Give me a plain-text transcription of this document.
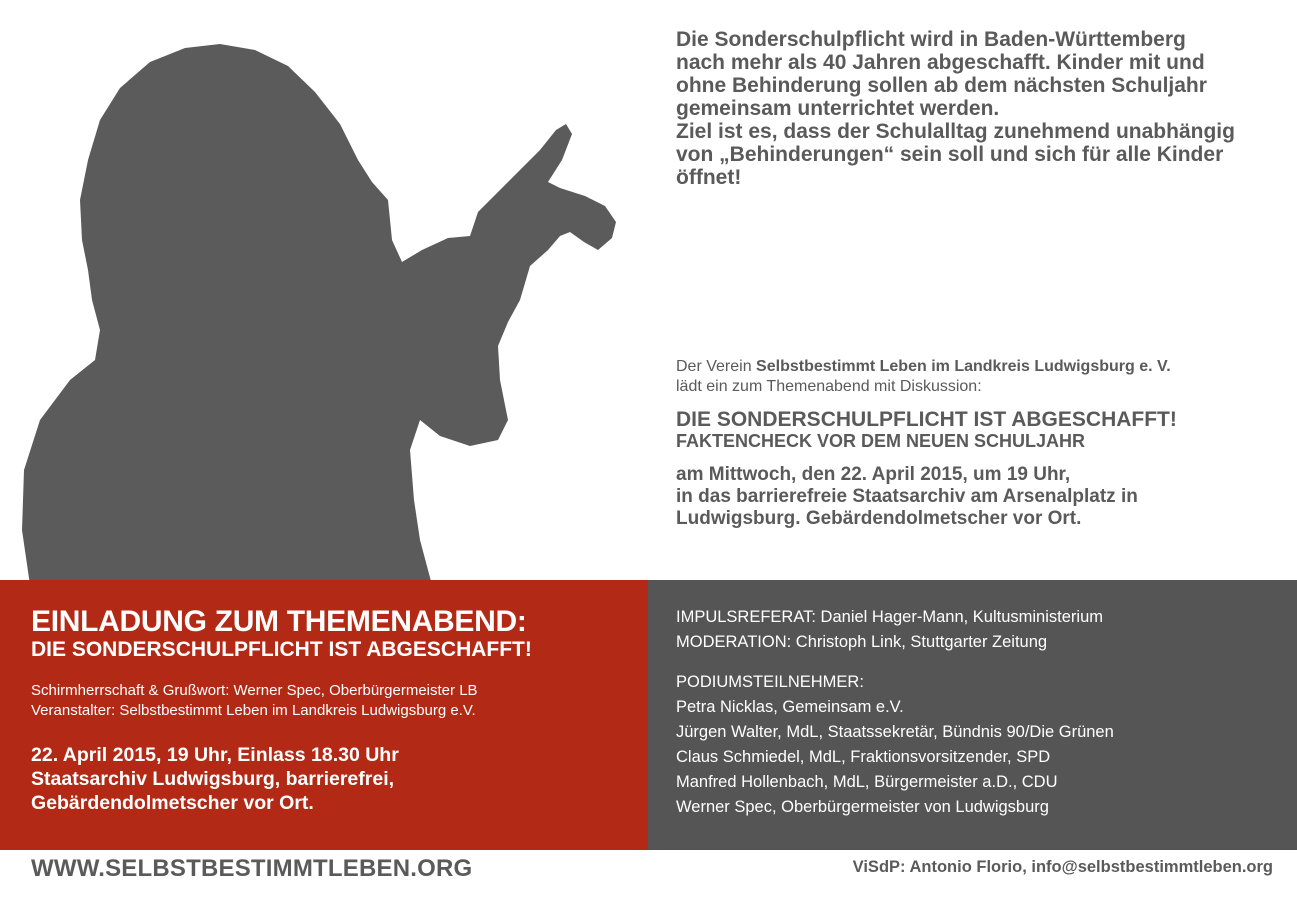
Die Sonderschulpflicht wird in Baden-Württemberg
nach mehr als 40 Jahren abgeschafft. Kinder mit und
ohne Behinderung sollen ab dem nächsten Schuljahr
gemeinsam unterrichtet werden.
Ziel ist es, dass der Schulalltag zunehmend unabhängig
von „Behinderungen“ sein soll und sich für alle Kinder
öffnet!
Der Verein Selbstbestimmt Leben im Landkreis Ludwigsburg e. V.
lädt ein zum Themenabend mit Diskussion:
DIE SONDERSCHULPFLICHT IST ABGESCHAFFT!
FAKTENCHECK VOR DEM NEUEN SCHULJAHR
am Mittwoch, den 22. April 2015, um 19 Uhr,
in das barrierefreie Staatsarchiv am Arsenalplatz in
Ludwigsburg. Gebärdendolmetscher vor Ort.
EINLADUNG ZUM THEMENABEND:
DIE SONDERSCHULPFLICHT IST ABGESCHAFFT!
Schirmherrschaft & Grußwort: Werner Spec, Oberbürgermeister LB
Veranstalter: Selbstbestimmt Leben im Landkreis Ludwigsburg e.V.
22. April 2015, 19 Uhr, Einlass 18.30 Uhr
Staatsarchiv Ludwigsburg, barrierefrei,
Gebärdendolmetscher vor Ort.
IMPULSREFERAT: Daniel Hager-Mann, Kultusministerium
MODERATION: Christoph Link, Stuttgarter Zeitung
PODIUMSTEILNEHMER:
Petra Nicklas, Gemeinsam e.V.
Jürgen Walter, MdL, Staatssekretär, Bündnis 90/Die Grünen
Claus Schmiedel, MdL, Fraktionsvorsitzender, SPD
Manfred Hollenbach, MdL, Bürgermeister a.D., CDU
Werner Spec, Oberbürgermeister von Ludwigsburg
WWW.SELBSTBESTIMMTLEBEN.ORG	ViSdP: Antonio Florio, info@selbstbestimmtleben.org
